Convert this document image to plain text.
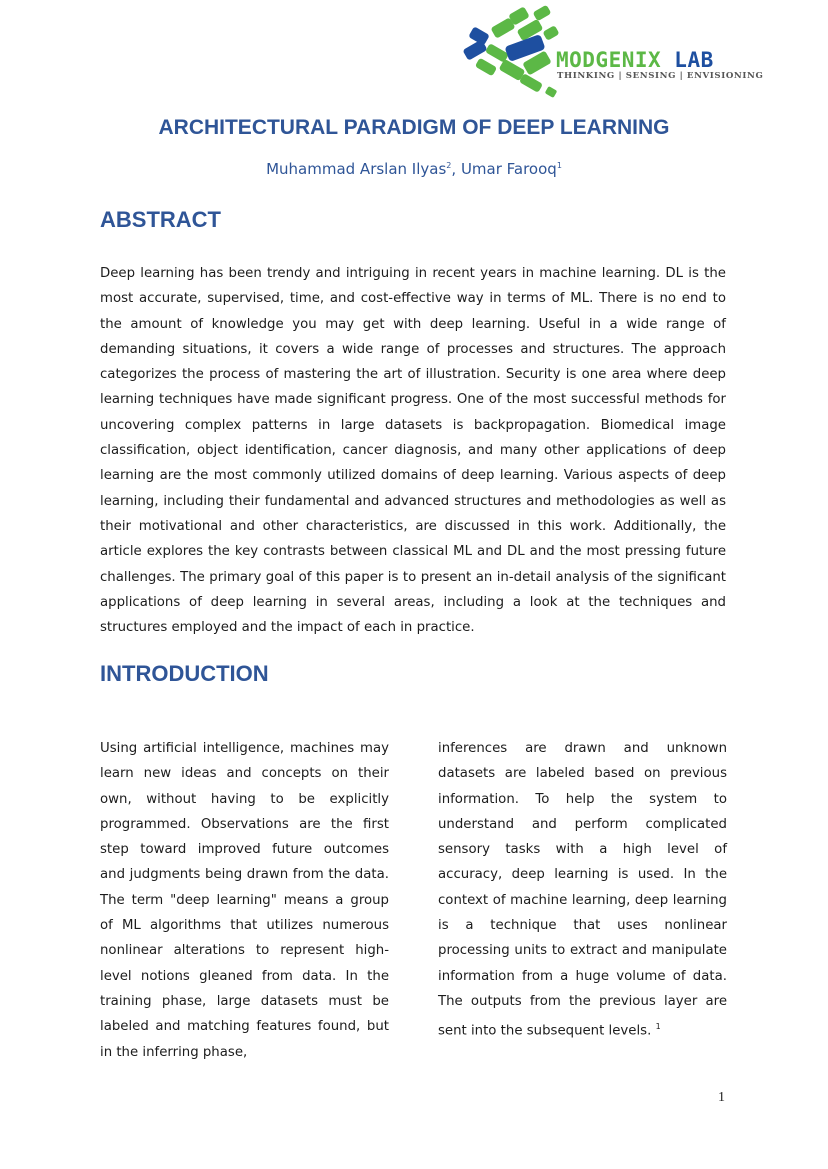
MODGENIX LAB
THINKING | SENSING | ENVISIONING
ARCHITECTURAL PARADIGM OF DEEP LEARNING
Muhammad Arslan Ilyas$^2$, Umar Farooq$^1$
ABSTRACT
Deep learning has been trendy and intriguing in recent years in machine learning. DL is the most accurate, supervised, time, and cost-effective way in terms of ML. There is no end to the amount of knowledge you may get with deep learning. Useful in a wide range of demanding situations, it covers a wide range of processes and structures. The approach categorizes the process of mastering the art of illustration. Security is one area where deep learning techniques have made significant progress. One of the most successful methods for uncovering complex patterns in large datasets is backpropagation. Biomedical image classification, object identification, cancer diagnosis, and many other applications of deep learning are the most commonly utilized domains of deep learning. Various aspects of deep learning, including their fundamental and advanced structures and methodologies as well as their motivational and other characteristics, are discussed in this work. Additionally, the article explores the key contrasts between classical ML and DL and the most pressing future challenges. The primary goal of this paper is to present an in-detail analysis of the significant applications of deep learning in several areas, including a look at the techniques and structures employed and the impact of each in practice.
INTRODUCTION
Using artificial intelligence, machines may learn new ideas and concepts on their own, without having to be explicitly programmed. Observations are the first step toward improved future outcomes and judgments being drawn from the data. The term "deep learning" means a group of ML algorithms that utilizes numerous nonlinear alterations to represent high-level notions gleaned from data. In the training phase, large datasets must be labeled and matching features found, but in the inferring phase,
inferences are drawn and unknown datasets are labeled based on previous information. To help the system to understand and perform complicated sensory tasks with a high level of accuracy, deep learning is used. In the context of machine learning, deep learning is a technique that uses nonlinear processing units to extract and manipulate information from a huge volume of data. The outputs from the previous layer are sent into the subsequent levels. $^1$
1
